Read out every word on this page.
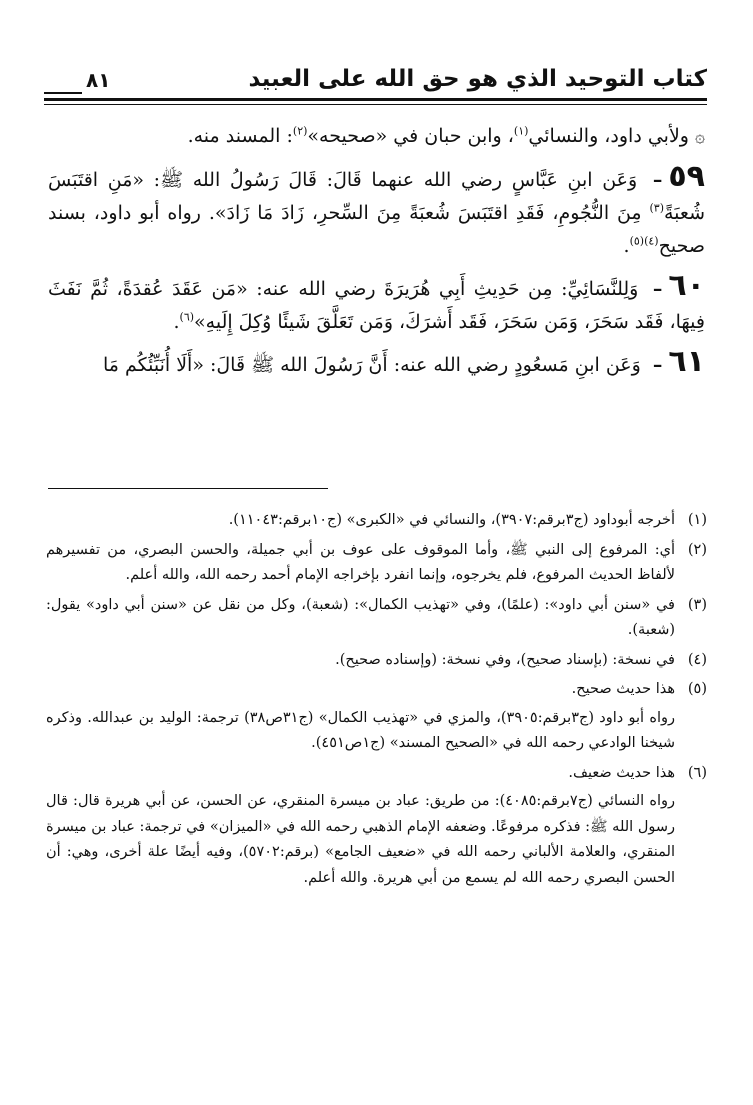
كتاب التوحيد الذي هو حق الله على العبيد
٨١

۞ ولأبي داود، والنسائي$^{(١)}$، وابن حبان في «صحيحه»$^{(٢)}$: المسند منه.

٥٩– وَعَن ابنِ عَبَّاسٍ رضي الله عنهما قَالَ: قَالَ رَسُولُ الله ﷺ: «مَنِ اقتَبَسَ شُعبَةً$^{(٣)}$ مِنَ النُّجُومِ، فَقَدِ اقتَبَسَ شُعبَةً مِنَ السِّحرِ، زَادَ مَا زَادَ». رواه أبو داود، بسند صحيح$^{(٤)(٥)}$.

٦٠– وَلِلنَّسَائِيِّ: مِن حَدِيثِ أَبِي هُرَيرَةَ رضي الله عنه: «مَن عَقَدَ عُقدَةً، ثُمَّ نَفَثَ فِيهَا، فَقَد سَحَرَ، وَمَن سَحَرَ، فَقَد أَشرَكَ، وَمَن تَعَلَّقَ شَيئًا وُكِلَ إِلَيهِ»$^{(٦)}$.

٦١– وَعَن ابنِ مَسعُودٍ رضي الله عنه: أَنَّ رَسُولَ الله ﷺ قَالَ: «أَلَا أُنَبِّئُكُم مَا

(١)
أخرجه أبوداود (ج٣برقم:٣٩٠٧)، والنسائي في «الكبرى» (ج١٠برقم:١١٠٤٣).

(٢)
أي: المرفوع إلى النبي ﷺ، وأما الموقوف على عوف بن أبي جميلة، والحسن البصري، من تفسيرهم لألفاظ الحديث المرفوع، فلم يخرجوه، وإنما انفرد بإخراجه الإمام أحمد رحمه الله، والله أعلم.

(٣)
في «سنن أبي داود»: (علمًا)، وفي «تهذيب الكمال»: (شعبة)، وكل من نقل عن «سنن أبي داود» يقول: (شعبة).

(٤)
في نسخة: (بإسناد صحيح)، وفي نسخة: (وإسناده صحيح).

(٥)
هذا حديث صحيح.
رواه أبو داود (ج٣برقم:٣٩٠٥)، والمزي في «تهذيب الكمال» (ج٣١ص٣٨) ترجمة: الوليد بن عبدالله. وذكره شيخنا الوادعي رحمه الله في «الصحيح المسند» (ج١ص٤٥١).

(٦)
هذا حديث ضعيف.
رواه النسائي (ج٧برقم:٤٠٨٥): من طريق: عباد بن ميسرة المنقري، عن الحسن، عن أبي هريرة قال: قال رسول الله ﷺ: فذكره مرفوعًا. وضعفه الإمام الذهبي رحمه الله في «الميزان» في ترجمة: عباد بن ميسرة المنقري، والعلامة الألباني رحمه الله في «ضعيف الجامع» (برقم:٥٧٠٢)، وفيه أيضًا علة أخرى، وهي: أن الحسن البصري رحمه الله لم يسمع من أبي هريرة. والله أعلم.
